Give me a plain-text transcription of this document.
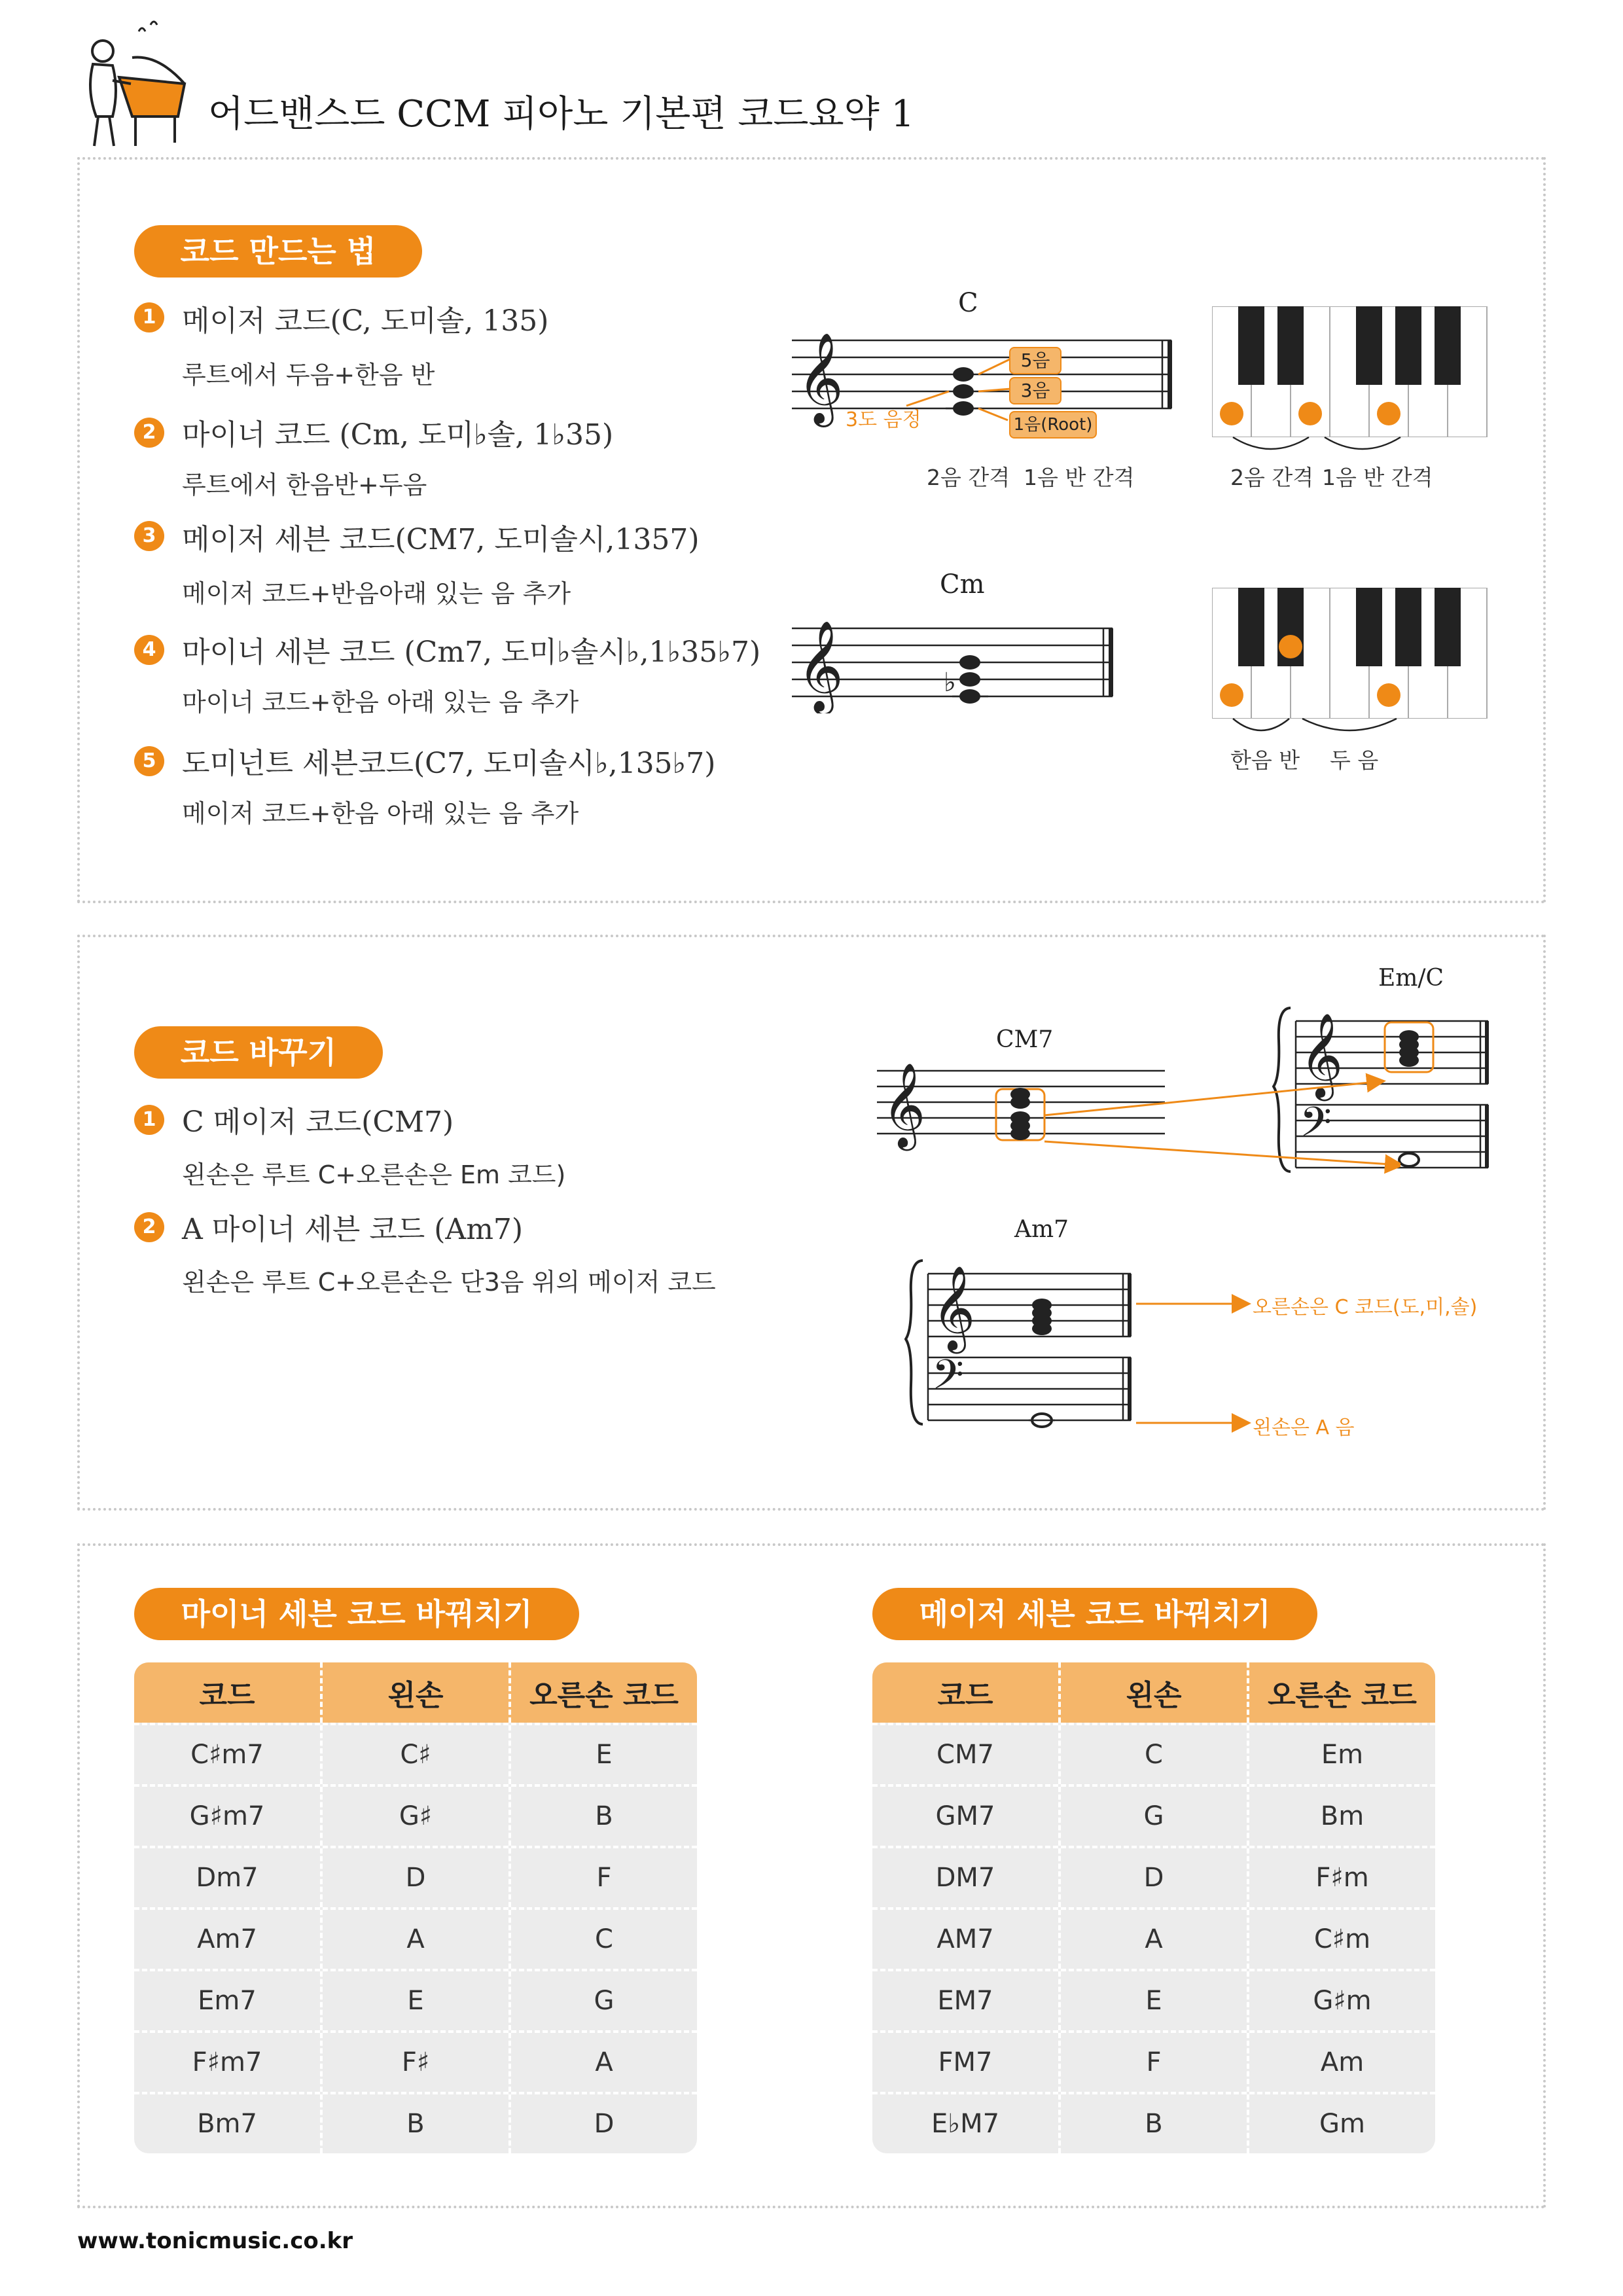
어드밴스드 CCM 피아노 기본편 코드요약 1
코드 만드는 법
1 메이저 코드(C, 도미솔, 135)
루트에서 두음+한음 반
2 마이너 코드 (Cm, 도미♭솔, 1♭35)
루트에서 한음반+두음
3 메이저 세븐 코드(CM7, 도미솔시,1357)
메이저 코드+반음아래 있는 음 추가
4 마이너 세븐 코드 (Cm7, 도미♭솔시♭,1♭35♭7)
마이너 코드+한음 아래 있는 음 추가
5 도미넌트 세븐코드(C7, 도미솔시♭,135♭7)
메이저 코드+한음 아래 있는 음 추가
C
𝄞	5음
3음
1음(Root)
3도 음정
2음 간격 1음 반 간격	2음 간격 1음 반 간격
Cm
𝄞	♭
한음 반 두 음
코드 바꾸기
1 C 메이저 코드(CM7)
왼손은 루트 C+오른손은 Em 코드)
2 A 마이너 세븐 코드 (Am7)
왼손은 루트 C+오른손은 단3음 위의 메이저 코드
CM7
𝄞
Em/C
𝄞
𝄢
Am7
𝄞
𝄢
오른손은 C 코드(도,미,솔)
왼손은 A 음
마이너 세븐 코드 바꿔치기
코드	왼손	오른손 코드
C♯m7	C♯	E
G♯m7	G♯	B
Dm7	D	F
Am7	A	C
Em7	E	G
F♯m7	F♯	A
Bm7	B	D
메이저 세븐 코드 바꿔치기
코드	왼손	오른손 코드
CM7	C	Em
GM7	G	Bm
DM7	D	F♯m
AM7	A	C♯m
EM7	E	G♯m
FM7	F	Am
E♭M7	B	Gm
www.tonicmusic.co.kr
